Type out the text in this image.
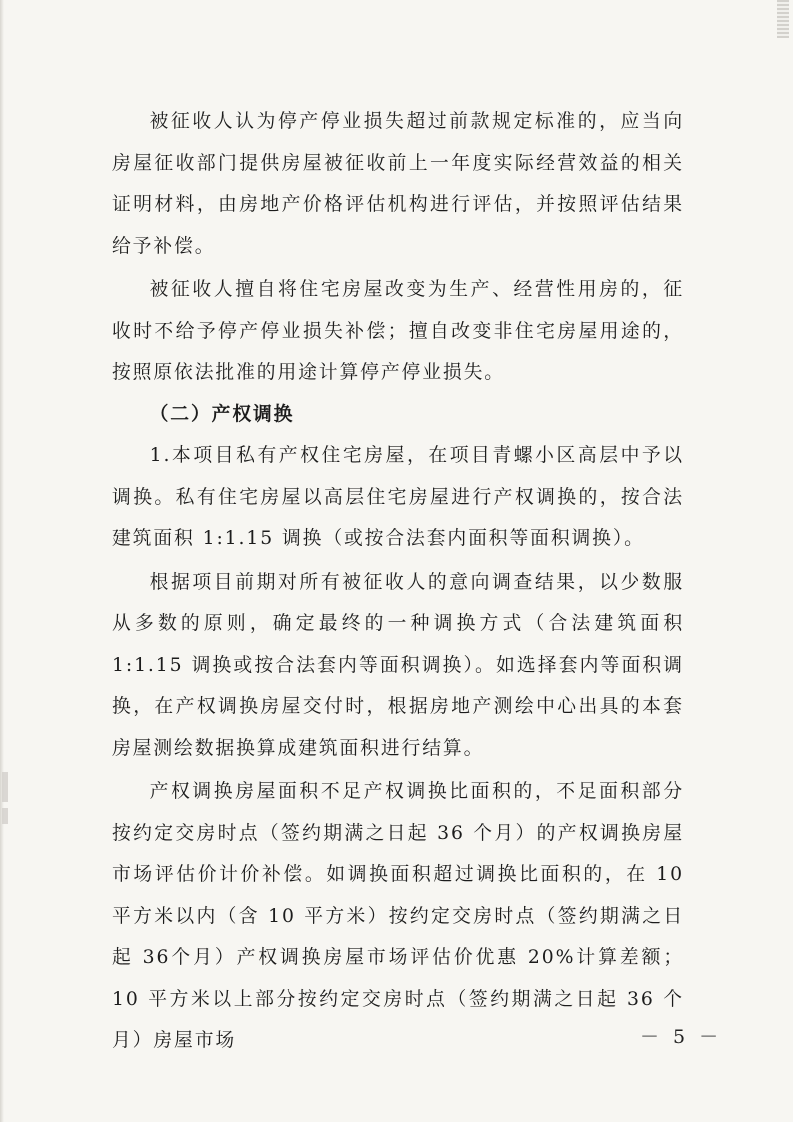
被征收人认为停产停业损失超过前款规定标准的，应当向房屋征收部门提供房屋被征收前上一年度实际经营效益的相关证明材料，由房地产价格评估机构进行评估，并按照评估结果给予补偿。

被征收人擅自将住宅房屋改变为生产、经营性用房的，征收时不给予停产停业损失补偿；擅自改变非住宅房屋用途的，按照原依法批准的用途计算停产停业损失。

（二）产权调换

1.本项目私有产权住宅房屋，在项目青螺小区高层中予以调换。私有住宅房屋以高层住宅房屋进行产权调换的，按合法建筑面积 1:1.15 调换（或按合法套内面积等面积调换）。

根据项目前期对所有被征收人的意向调查结果，以少数服从多数的原则，确定最终的一种调换方式（合法建筑面积1:1.15 调换或按合法套内等面积调换）。如选择套内等面积调换，在产权调换房屋交付时，根据房地产测绘中心出具的本套房屋测绘数据换算成建筑面积进行结算。

产权调换房屋面积不足产权调换比面积的，不足面积部分按约定交房时点（签约期满之日起 36 个月）的产权调换房屋市场评估价计价补偿。如调换面积超过调换比面积的，在 10 平方米以内（含 10 平方米）按约定交房时点（签约期满之日起 36个月）产权调换房屋市场评估价优惠 20%计算差额；10 平方米以上部分按约定交房时点（签约期满之日起 36 个月）房屋市场	－ 5 －
